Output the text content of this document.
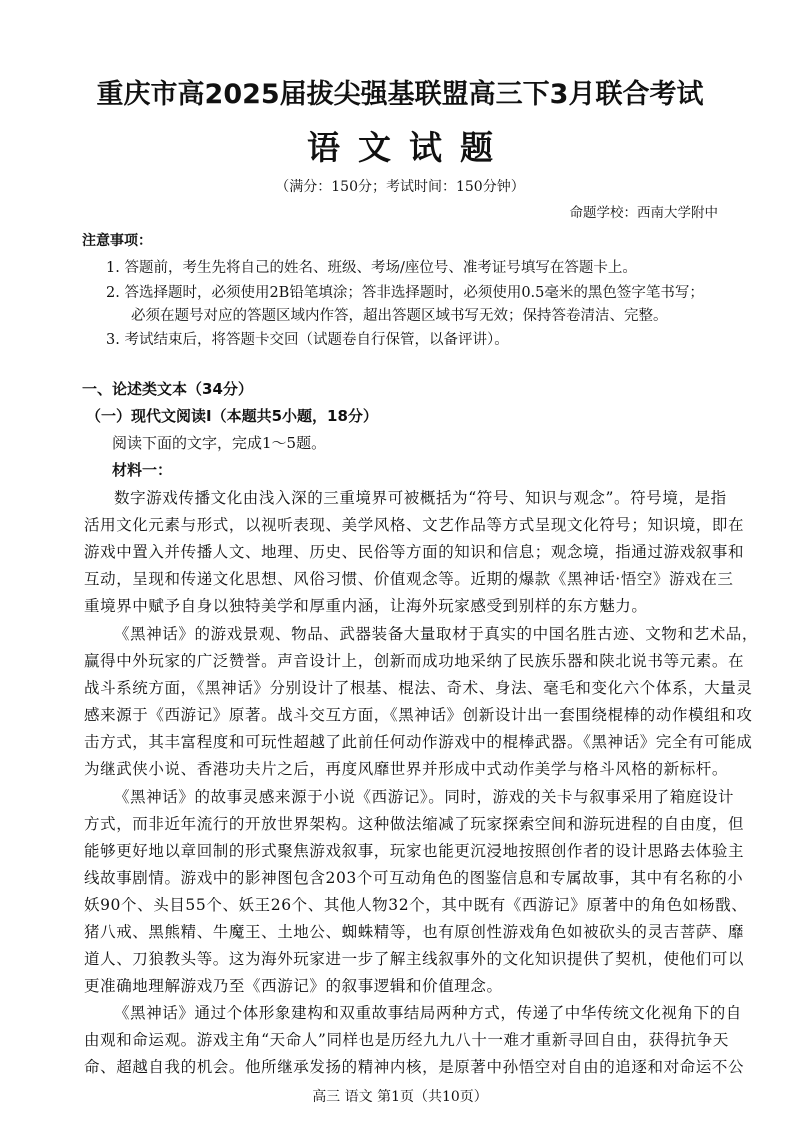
重庆市高2025届拔尖强基联盟高三下3月联合考试
语文试题
（满分：150分；考试时间：150分钟）
命题学校：西南大学附中
注意事项：
1. 答题前，考生先将自己的姓名、班级、考场/座位号、准考证号填写在答题卡上。
2. 答选择题时，必须使用2B铅笔填涂；答非选择题时，必须使用0.5毫米的黑色签字笔书写；
必须在题号对应的答题区域内作答，超出答题区域书写无效；保持答卷清洁、完整。
3. 考试结束后，将答题卡交回（试题卷自行保管，以备评讲）。
一、论述类文本（34分）
（一）现代文阅读Ⅰ（本题共5小题，18分）
阅读下面的文字，完成1～5题。
材料一：
数字游戏传播文化由浅入深的三重境界可被概括为“符号、知识与观念”。符号境，是指
活用文化元素与形式，以视听表现、美学风格、文艺作品等方式呈现文化符号；知识境，即在
游戏中置入并传播人文、地理、历史、民俗等方面的知识和信息；观念境，指通过游戏叙事和
互动，呈现和传递文化思想、风俗习惯、价值观念等。近期的爆款《黑神话·悟空》游戏在三
重境界中赋予自身以独特美学和厚重内涵，让海外玩家感受到别样的东方魅力。
《黑神话》的游戏景观、物品、武器装备大量取材于真实的中国名胜古迹、文物和艺术品，
赢得中外玩家的广泛赞誉。声音设计上，创新而成功地采纳了民族乐器和陕北说书等元素。在
战斗系统方面，《黑神话》分别设计了根基、棍法、奇术、身法、毫毛和变化六个体系，大量灵
感来源于《西游记》原著。战斗交互方面，《黑神话》创新设计出一套围绕棍棒的动作模组和攻
击方式，其丰富程度和可玩性超越了此前任何动作游戏中的棍棒武器。《黑神话》完全有可能成
为继武侠小说、香港功夫片之后，再度风靡世界并形成中式动作美学与格斗风格的新标杆。
《黑神话》的故事灵感来源于小说《西游记》。同时，游戏的关卡与叙事采用了箱庭设计
方式，而非近年流行的开放世界架构。这种做法缩减了玩家探索空间和游玩进程的自由度，但
能够更好地以章回制的形式聚焦游戏叙事，玩家也能更沉浸地按照创作者的设计思路去体验主
线故事剧情。游戏中的影神图包含203个可互动角色的图鉴信息和专属故事，其中有名称的小
妖90个、头目55个、妖王26个、其他人物32个，其中既有《西游记》原著中的角色如杨戬、
猪八戒、黑熊精、牛魔王、土地公、蜘蛛精等，也有原创性游戏角色如被砍头的灵吉菩萨、靡
道人、刀狼教头等。这为海外玩家进一步了解主线叙事外的文化知识提供了契机，使他们可以
更准确地理解游戏乃至《西游记》的叙事逻辑和价值理念。
《黑神话》通过个体形象建构和双重故事结局两种方式，传递了中华传统文化视角下的自
由观和命运观。游戏主角“天命人”同样也是历经九九八十一难才重新寻回自由，获得抗争天
命、超越自我的机会。他所继承发扬的精神内核，是原著中孙悟空对自由的追逐和对命运不公
高三 语文 第1页（共10页）
